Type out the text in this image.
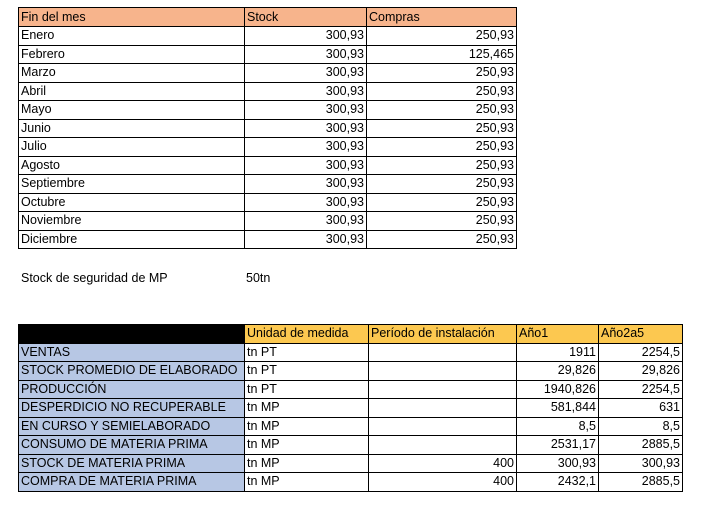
Fin del mes	Stock	Compras
Enero	300,93	250,93
Febrero	300,93	125,465
Marzo	300,93	250,93
Abril	300,93	250,93
Mayo	300,93	250,93
Junio	300,93	250,93
Julio	300,93	250,93
Agosto	300,93	250,93
Septiembre	300,93	250,93
Octubre	300,93	250,93
Noviembre	300,93	250,93
Diciembre	300,93	250,93
Stock de seguridad de MP	50tn
	Unidad de medida	Período de instalación	Año1	Año2a5
VENTAS	tn PT		1911	2254,5
STOCK PROMEDIO DE ELABORADO	tn PT		29,826	29,826
PRODUCCIÓN	tn PT		1940,826	2254,5
DESPERDICIO NO RECUPERABLE	tn MP		581,844	631
EN CURSO Y SEMIELABORADO	tn MP		8,5	8,5
CONSUMO DE MATERIA PRIMA	tn MP		2531,17	2885,5
STOCK DE MATERIA PRIMA	tn MP	400	300,93	300,93
COMPRA DE MATERIA PRIMA	tn MP	400	2432,1	2885,5
